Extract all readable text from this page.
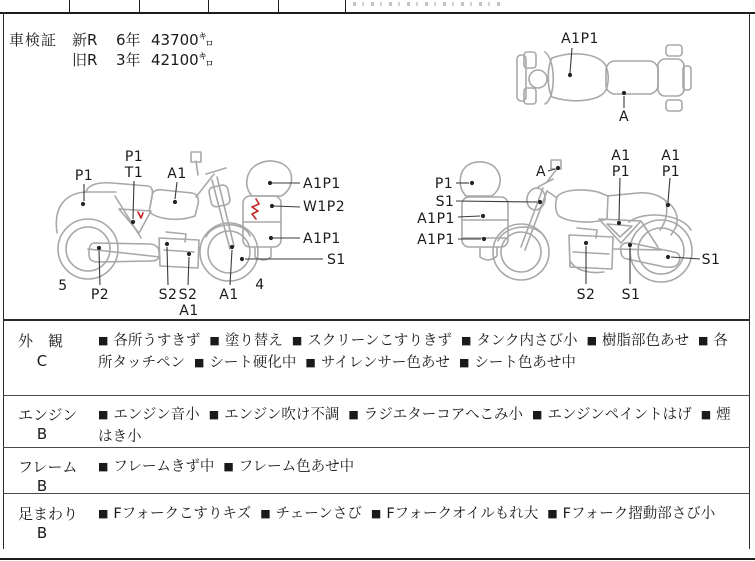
車検証 新R 6年 43700㌔
旧R 3年 42100㌔
A1P1
A
P1
P1
T1 A1
A1P1
W1P2
A1P1
S1
5
P2	S2 S2
A1
A1
4
P1
S1
A1P1
A1P1
A
A1
P1
A1
P1
S1
S2 S1
外　観
C
■ 各所うすきず ■ 塗り替え ■ スクリーンこすりきず ■ タンク内さび小 ■ 樹脂部色あせ ■ 各所タッチペン ■ シート硬化中 ■ サイレンサー色あせ ■ シート色あせ中
エンジン
B
■ エンジン音小 ■ エンジン吹け不調 ■ ラジエターコアへこみ小 ■ エンジンペイントはげ ■ 煙はき小
フレーム
B
■ フレームきず中 ■ フレーム色あせ中
足まわり
B
■ Fフォークこすりキズ ■ チェーンさび ■ Fフォークオイルもれ大 ■ Fフォーク摺動部さび小
